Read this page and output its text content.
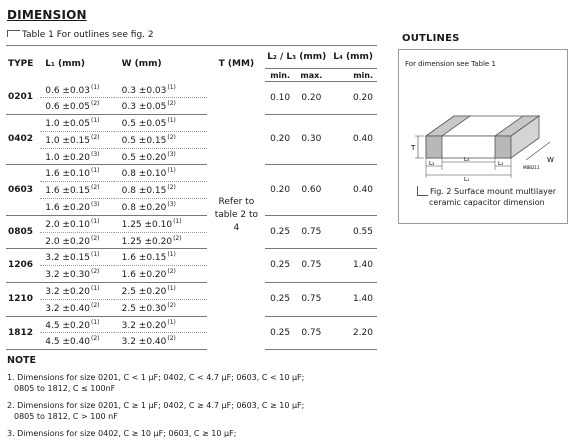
DIMENSION
Table 1 For outlines see fig. 2
TYPE	L₁ (mm)	W (mm)	T (MM)	L₂ / L₃ (mm)		L₄ (mm)
				min.	max.	min.
0201	$0.6 \pm 0.03^{(1)}$	$0.3 \pm 0.03^{(1)}$	Refer to table 2 to 4	0.10	0.20	0.20
	$0.6 \pm 0.05^{(2)}$	$0.3 \pm 0.05^{(2)}$
0402	$1.0 \pm 0.05^{(1)}$	$0.5 \pm 0.05^{(1)}$		0.20	0.30	0.40
	$1.0 \pm 0.15^{(2)}$	$0.5 \pm 0.15^{(2)}$
	$1.0 \pm 0.20^{(3)}$	$0.5 \pm 0.20^{(3)}$
0603	$1.6 \pm 0.10^{(1)}$	$0.8 \pm 0.10^{(1)}$		0.20	0.60	0.40
	$1.6 \pm 0.15^{(2)}$	$0.8 \pm 0.15^{(2)}$
	$1.6 \pm 0.20^{(3)}$	$0.8 \pm 0.20^{(3)}$
0805	$2.0 \pm 0.10^{(1)}$	$1.25 \pm 0.10^{(1)}$		0.25	0.75	0.55
	$2.0 \pm 0.20^{(2)}$	$1.25 \pm 0.20^{(2)}$
1206	$3.2 \pm 0.15^{(1)}$	$1.6 \pm 0.15^{(1)}$		0.25	0.75	1.40
	$3.2 \pm 0.30^{(2)}$	$1.6 \pm 0.20^{(2)}$
1210	$3.2 \pm 0.20^{(1)}$	$2.5 \pm 0.20^{(1)}$		0.25	0.75	1.40
	$3.2 \pm 0.40^{(2)}$	$2.5 \pm 0.30^{(2)}$
1812	$4.5 \pm 0.20^{(1)}$	$3.2 \pm 0.20^{(1)}$		0.25	0.75	2.20
	$4.5 \pm 0.40^{(2)}$	$3.2 \pm 0.40^{(2)}$
NOTE
1. Dimensions for size 0201, C < 1 µF; 0402, C < 4.7 µF; 0603, C < 10 µF;
0805 to 1812, C ≤ 100nF
2. Dimensions for size 0201, C ≥ 1 µF; 0402, C ≥ 4.7 µF; 0603, C ≥ 10 µF;
0805 to 1812, C > 100 nF
3. Dimensions for size 0402, C ≥ 10 µF; 0603, C ≥ 10 µF;
OUTLINES
For dimension see Table 1
T
W
L₂
L₄
L₃
L₁
MBB211
Fig. 2 Surface mount multilayer
ceramic capacitor dimension
